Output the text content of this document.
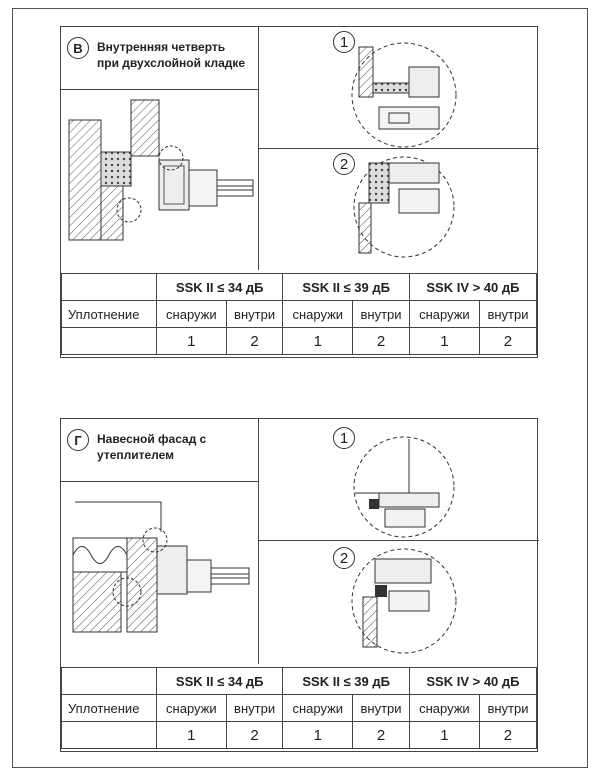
В	Внутренняя четверть
при двухслойной кладке
1
2
	SSK II ≤ 34 дБ		SSK II ≤ 39 дБ		SSK IV > 40 дБ	
Уплотнение	снаружи	внутри	снаружи	внутри	снаружи	внутри
	1	2	1	2	1	2
Г	Навесной фасад с
утеплителем
1
2
	SSK II ≤ 34 дБ		SSK II ≤ 39 дБ		SSK IV > 40 дБ	
Уплотнение	снаружи	внутри	снаружи	внутри	снаружи	внутри
	1	2	1	2	1	2
